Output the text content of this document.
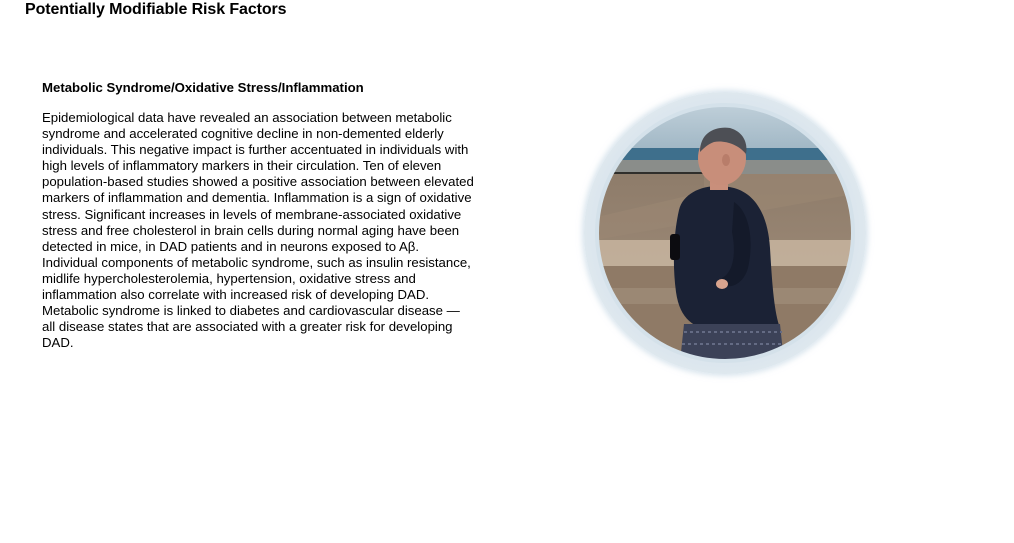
Potentially Modifiable Risk Factors
Metabolic Syndrome/Oxidative Stress/Inflammation
Epidemiological data have revealed an association between metabolic syndrome and accelerated cognitive decline in non-demented elderly individuals. This negative impact is further accentuated in individuals with high levels of inflammatory markers in their circulation. Ten of eleven population-based studies showed a positive association between elevated markers of inflammation and dementia. Inflammation is a sign of oxidative stress. Significant increases in levels of membrane-associated oxidative stress and free cholesterol in brain cells during normal aging have been detected in mice, in DAD patients and in neurons exposed to Aβ. Individual components of metabolic syndrome, such as insulin resistance, midlife hypercholesterolemia, hypertension, oxidative stress and inflammation also correlate with increased risk of developing DAD. Metabolic syndrome is linked to diabetes and cardiovascular disease — all disease states that are associated with a greater risk for developing DAD.
